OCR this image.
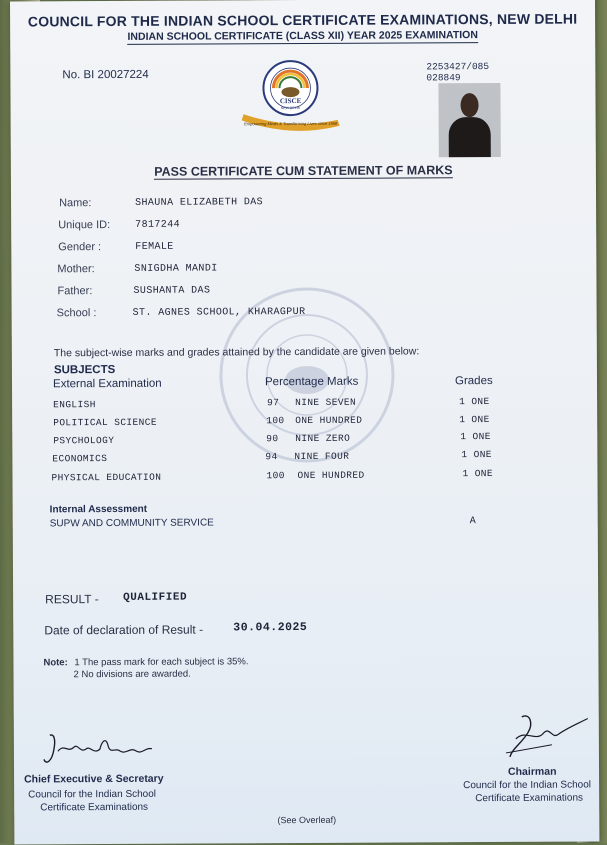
COUNCIL FOR THE INDIAN SCHOOL CERTIFICATE EXAMINATIONS, NEW DELHI
INDIAN SCHOOL CERTIFICATE (CLASS XII) YEAR 2025 EXAMINATION
No. BI 20027224
2253427/085
028849
CISCE
NEW DELHI
Empowering Minds & Transforming Lives since 1958
PASS CERTIFICATE CUM STATEMENT OF MARKS
Name:	SHAUNA ELIZABETH DAS
Unique ID: 7817244
Gender :	FEMALE
Mother:	SNIGDHA MANDI
Father:	SUSHANTA DAS
School :	ST. AGNES SCHOOL, KHARAGPUR
The subject-wise marks and grades attained by the candidate are given below:
SUBJECTS
External Examination	Percentage Marks	Grades
ENGLISH	97 NINE SEVEN	1 ONE
POLITICAL SCIENCE	100 ONE HUNDRED	1 ONE
PSYCHOLOGY	90 NINE ZERO	1 ONE
ECONOMICS	94 NINE FOUR	1 ONE
PHYSICAL EDUCATION	100 ONE HUNDRED	1 ONE
Internal Assessment
SUPW AND COMMUNITY SERVICE	A
RESULT - QUALIFIED
Date of declaration of Result -	30.04.2025
Note: 1 The pass mark for each subject is 35%.
2 No divisions are awarded.
Chief Executive & Secretary
Council for the Indian School
Certificate Examinations
Chairman
Council for the Indian School
Certificate Examinations
(See Overleaf)
